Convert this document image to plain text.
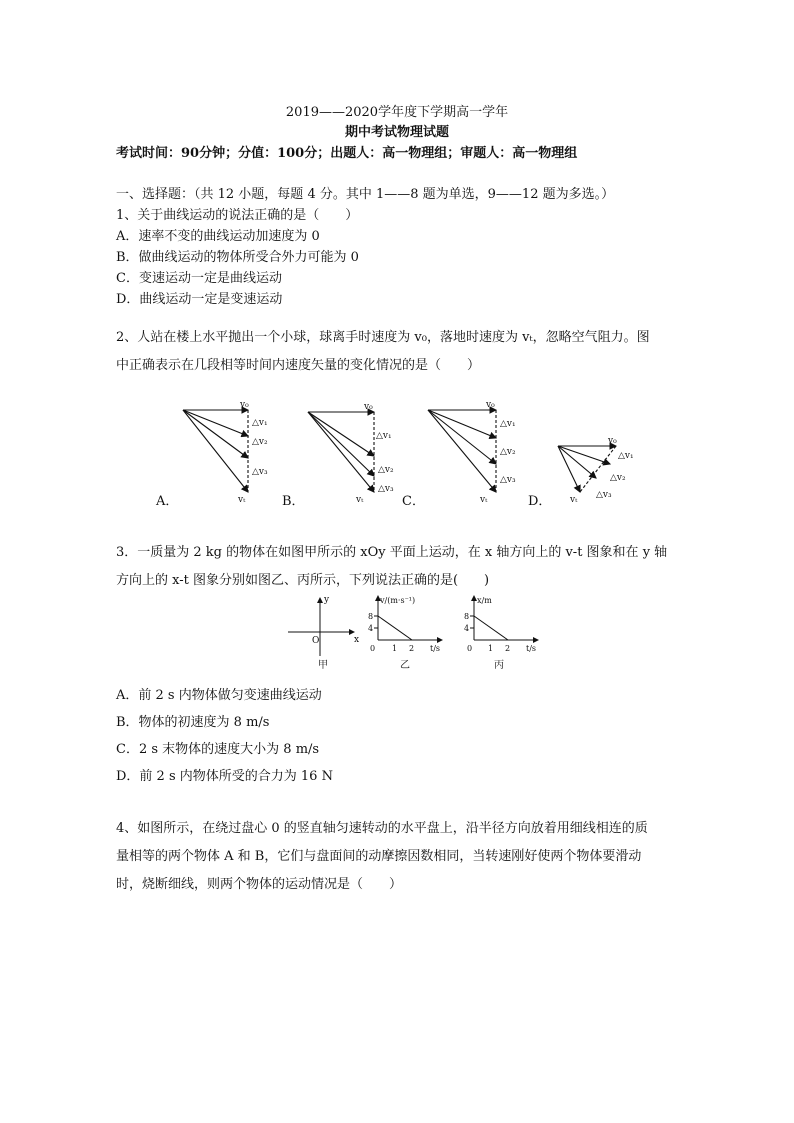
2019——2020学年度下学期高一学年
期中考试物理试题
考试时间：90分钟；分值：100分；出题人：高一物理组；审题人：高一物理组
一、选择题：（共 12 小题，每题 4 分。其中 1——8 题为单选，9——12 题为多选。）
1、关于曲线运动的说法正确的是（　　）
A．速率不变的曲线运动加速度为 0
B．做曲线运动的物体所受合外力可能为 0
C．变速运动一定是曲线运动
D．曲线运动一定是变速运动
2、人站在楼上水平抛出一个小球，球离手时速度为 v₀，落地时速度为 vₜ，忽略空气阻力。图
中正确表示在几段相等时间内速度矢量的变化情况的是（　　）
v₀
△v₁
△v₂
△v₃
vₜ
v₀
△v₁
△v₂
△v₃
vₜ
v₀
△v₁
△v₂
△v₃
vₜ
v₀
△v₁
△v₂
△v₃
vₜ
A．	B．	C．	D．
3．一质量为 2 kg 的物体在如图甲所示的 xOy 平面上运动，在 x 轴方向上的 v-t 图象和在 y 轴
方向上的 x-t 图象分别如图乙、丙所示，下列说法正确的是(　　)
y
x
O
v/(m·s⁻¹)
8
4
0 1 2 t/s
x/m
8
4
0 1 2 t/s
甲	乙	丙
A．前 2 s 内物体做匀变速曲线运动
B．物体的初速度为 8 m/s
C．2 s 末物体的速度大小为 8 m/s
D．前 2 s 内物体所受的合力为 16 N
4、如图所示，在绕过盘心 0 的竖直轴匀速转动的水平盘上，沿半径方向放着用细线相连的质
量相等的两个物体 A 和 B，它们与盘面间的动摩擦因数相同，当转速刚好使两个物体要滑动
时，烧断细线，则两个物体的运动情况是（　　）
